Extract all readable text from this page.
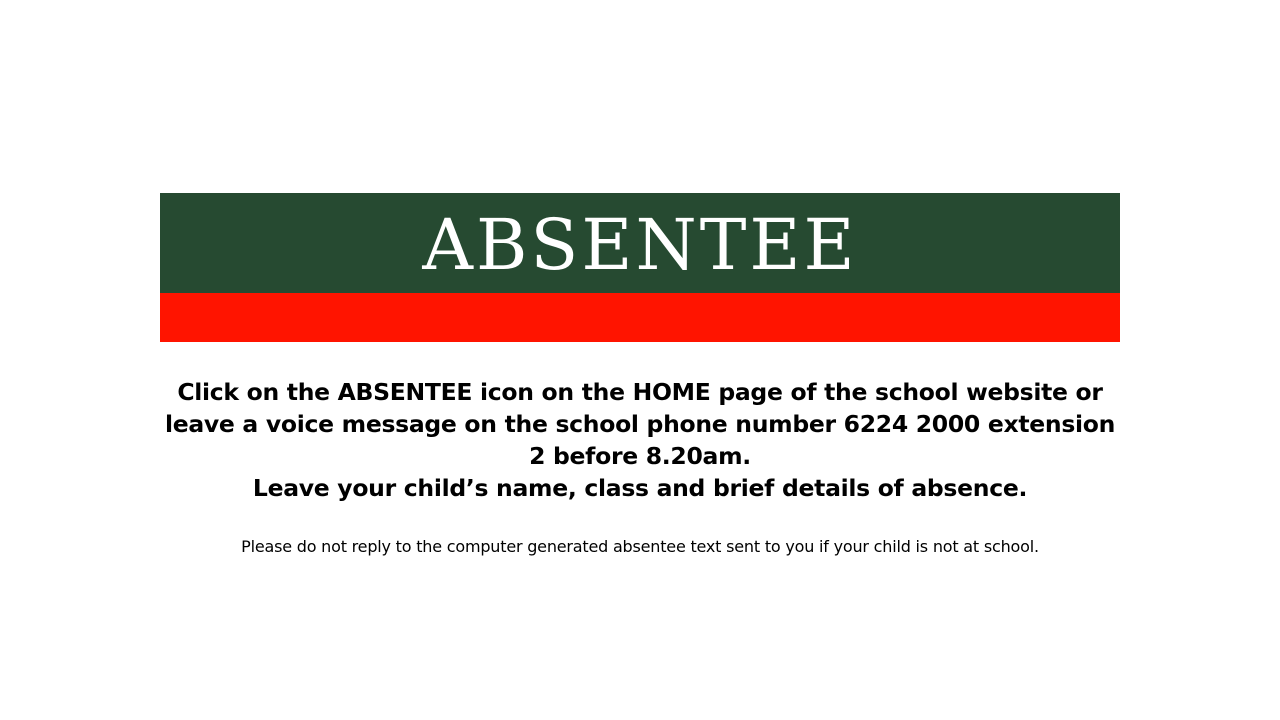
ABSENTEE

Click on the ABSENTEE icon on the HOME page of the school website or leave a voice message on the school phone number 6224 2000 extension 2 before 8.20am.

Leave your child’s name, class and brief details of absence.

Please do not reply to the computer generated absentee text sent to you if your child is not at school.
